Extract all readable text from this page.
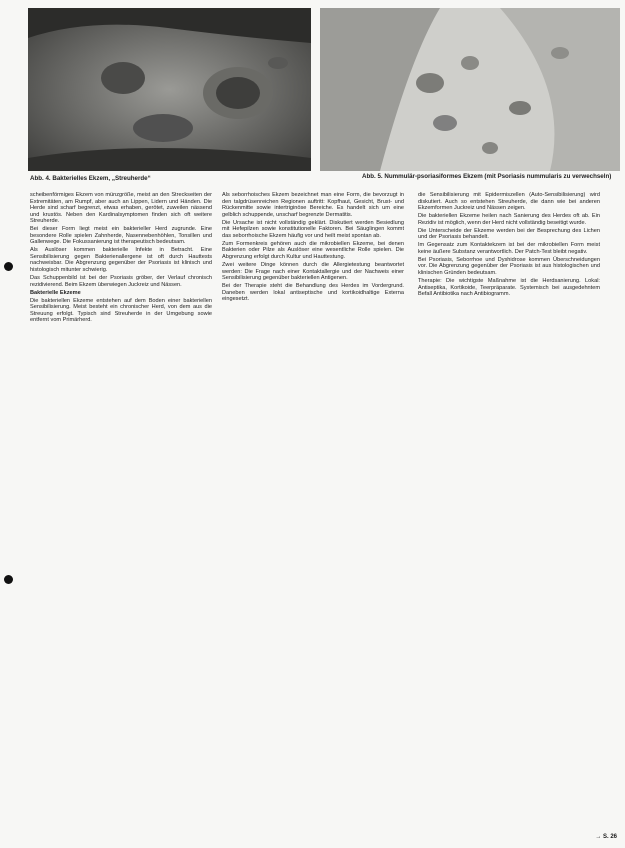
Abb. 4. Bakterielles Ekzem, „Streuherde“	Abb. 5. Nummulär-psoriasiformes Ekzem (mit Psoriasis nummularis zu verwechseln)

scheibenförmiges Ekzem von münzgröße, meist an den Streckseiten der Extremitäten, am Rumpf, aber auch an Lippen, Lidern und Händen. Die Herde sind scharf begrenzt, etwas erhaben, gerötet, zuweilen nässend und krustös. Neben den Kardinalsymptomen finden sich oft weitere Streuherde.

Bei dieser Form liegt meist ein bakterieller Herd zugrunde. Eine besondere Rolle spielen Zahnherde, Nasennebenhöhlen, Tonsillen und Gallenwege. Die Fokussanierung ist therapeutisch bedeutsam.

Als Auslöser kommen bakterielle Infekte in Betracht. Eine Sensibilisierung gegen Bakterienallergene ist oft durch Hauttests nachweisbar. Die Abgrenzung gegenüber der Psoriasis ist klinisch und histologisch mitunter schwierig.

Das Schuppenbild ist bei der Psoriasis gröber, der Verlauf chronisch rezidivierend. Beim Ekzem überwiegen Juckreiz und Nässen.

Bakterielle Ekzeme

Die bakteriellen Ekzeme entstehen auf dem Boden einer bakteriellen Sensibilisierung. Meist besteht ein chronischer Herd, von dem aus die Streuung erfolgt. Typisch sind Streuherde in der Umgebung sowie entfernt vom Primärherd.

Als seborrhoisches Ekzem bezeichnet man eine Form, die bevorzugt in den talgdrüsenreichen Regionen auftritt: Kopfhaut, Gesicht, Brust- und Rückenmitte sowie intertriginöse Bereiche. Es handelt sich um eine gelblich schuppende, unscharf begrenzte Dermatitis.

Die Ursache ist nicht vollständig geklärt. Diskutiert werden Besiedlung mit Hefepilzen sowie konstitutionelle Faktoren. Bei Säuglingen kommt das seborrhoische Ekzem häufig vor und heilt meist spontan ab.

Zum Formenkreis gehören auch die mikrobiellen Ekzeme, bei denen Bakterien oder Pilze als Auslöser eine wesentliche Rolle spielen. Die Abgrenzung erfolgt durch Kultur und Hauttestung.

Zwei weitere Dinge können durch die Allergietestung beantwortet werden: Die Frage nach einer Kontaktallergie und der Nachweis einer Sensibilisierung gegenüber bakteriellen Antigenen.

Bei der Therapie steht die Behandlung des Herdes im Vordergrund. Daneben werden lokal antiseptische und kortikoidhaltige Externa eingesetzt.

die Sensibilisierung mit Epidermiszellen (Auto-Sensibilisierung) wird diskutiert. Auch so entstehen Streuherde, die dann wie bei anderen Ekzemformen Juckreiz und Nässen zeigen.

Die bakteriellen Ekzeme heilen nach Sanierung des Herdes oft ab. Ein Rezidiv ist möglich, wenn der Herd nicht vollständig beseitigt wurde.

Die Unterscheide der Ekzeme werden bei der Besprechung des Lichen und der Psoriasis behandelt.

Im Gegensatz zum Kontaktekzem ist bei der mikrobiellen Form meist keine äußere Substanz verantwortlich. Der Patch-Test bleibt negativ.

Bei Psoriasis, Seborrhoe und Dyshidrose kommen Überschneidungen vor. Die Abgrenzung gegenüber der Psoriasis ist aus histologischen und klinischen Gründen bedeutsam.

Therapie: Die wichtigste Maßnahme ist die Herdsanierung. Lokal: Antiseptika, Kortikoide, Teerpräparate. Systemisch bei ausgedehntem Befall Antibiotika nach Antibiogramm.

→ S. 26
